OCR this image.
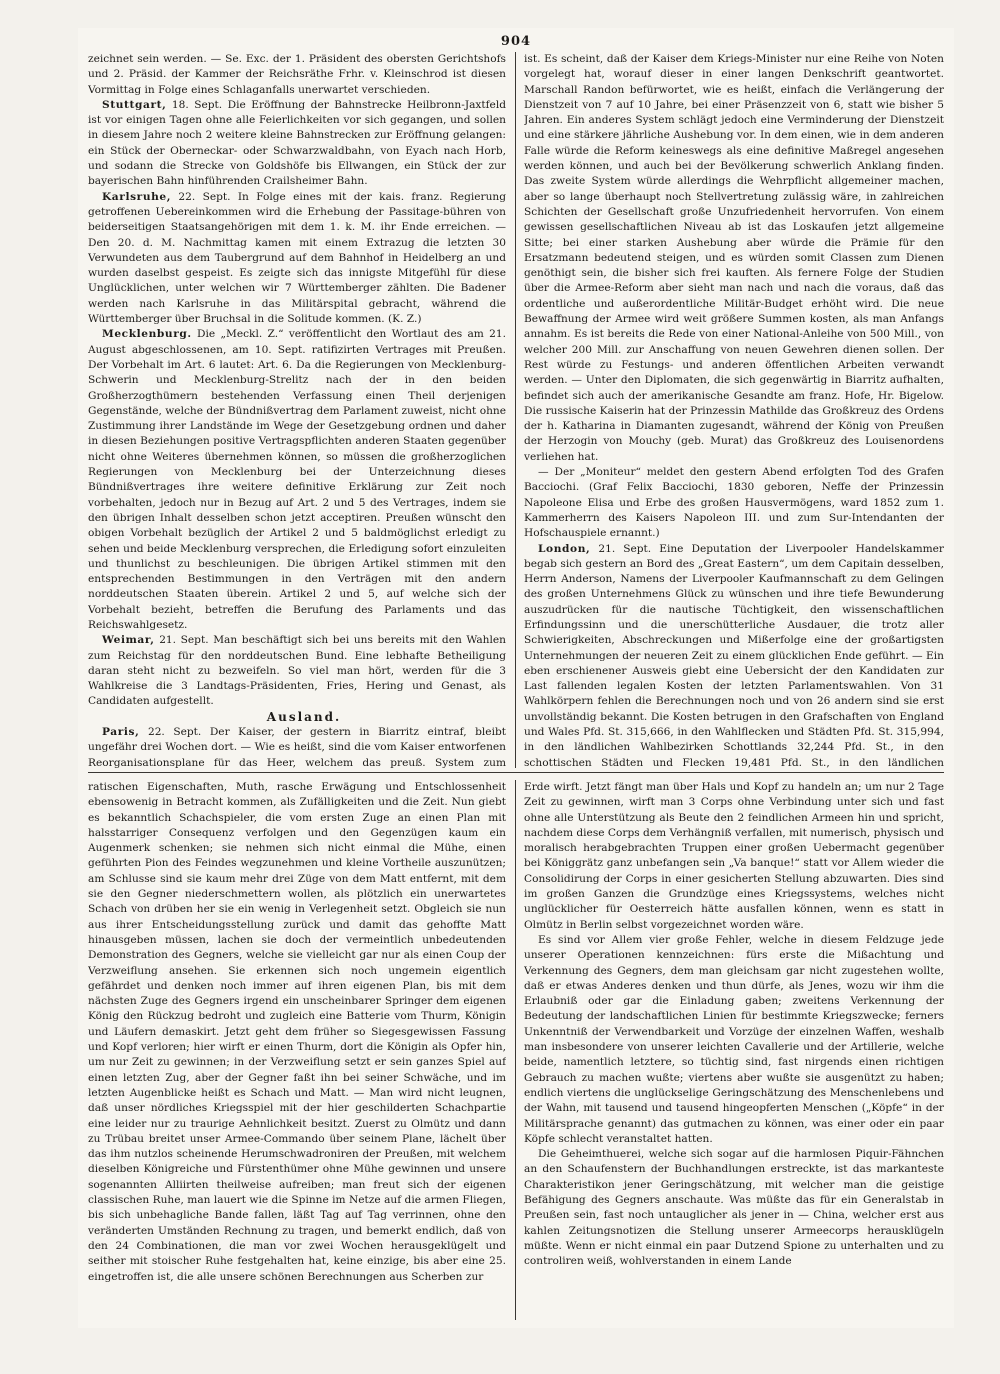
904

zeichnet sein werden. — Se. Exc. der 1. Präsident des obersten Gerichtshofs und 2. Präsid. der Kammer der Reichsräthe Frhr. v. Kleinschrod ist diesen Vormittag in Folge eines Schlaganfalls unerwartet verschieden.

Stuttgart, 18. Sept. Die Eröffnung der Bahnstrecke Heilbronn-Jaxtfeld ist vor einigen Tagen ohne alle Feierlichkeiten vor sich gegangen, und sollen in diesem Jahre noch 2 weitere kleine Bahnstrecken zur Eröffnung gelangen: ein Stück der Oberneckar- oder Schwarzwaldbahn, von Eyach nach Horb, und sodann die Strecke von Goldshöfe bis Ellwangen, ein Stück der zur bayerischen Bahn hinführenden Crailsheimer Bahn.

Karlsruhe, 22. Sept. In Folge eines mit der kais. franz. Regierung getroffenen Uebereinkommen wird die Erhebung der Passitage-bühren von beiderseitigen Staatsangehörigen mit dem 1. k. M. ihr Ende erreichen. — Den 20. d. M. Nachmittag kamen mit einem Extrazug die letzten 30 Verwundeten aus dem Taubergrund auf dem Bahnhof in Heidelberg an und wurden daselbst gespeist. Es zeigte sich das innigste Mitgefühl für diese Unglücklichen, unter welchen wir 7 Württemberger zählten. Die Badener werden nach Karlsruhe in das Militärspital gebracht, während die Württemberger über Bruchsal in die Solitude kommen. (K. Z.)

Mecklenburg. Die „Meckl. Z.“ veröffentlicht den Wortlaut des am 21. August abgeschlossenen, am 10. Sept. ratifizirten Vertrages mit Preußen. Der Vorbehalt im Art. 6 lautet: Art. 6. Da die Regierungen von Mecklenburg-Schwerin und Mecklenburg-Strelitz nach der in den beiden Großherzogthümern bestehenden Verfassung einen Theil derjenigen Gegenstände, welche der Bündnißvertrag dem Parlament zuweist, nicht ohne Zustimmung ihrer Landstände im Wege der Gesetzgebung ordnen und daher in diesen Beziehungen positive Vertragspflichten anderen Staaten gegenüber nicht ohne Weiteres übernehmen können, so müssen die großherzoglichen Regierungen von Mecklenburg bei der Unterzeichnung dieses Bündnißvertrages ihre weitere definitive Erklärung zur Zeit noch vorbehalten, jedoch nur in Bezug auf Art. 2 und 5 des Vertrages, indem sie den übrigen Inhalt desselben schon jetzt acceptiren. Preußen wünscht den obigen Vorbehalt bezüglich der Artikel 2 und 5 baldmöglichst erledigt zu sehen und beide Mecklenburg versprechen, die Erledigung sofort einzuleiten und thunlichst zu beschleunigen. Die übrigen Artikel stimmen mit den entsprechenden Bestimmungen in den Verträgen mit den andern norddeutschen Staaten überein. Artikel 2 und 5, auf welche sich der Vorbehalt bezieht, betreffen die Berufung des Parlaments und das Reichswahlgesetz.

Weimar, 21. Sept. Man beschäftigt sich bei uns bereits mit den Wahlen zum Reichstag für den norddeutschen Bund. Eine lebhafte Betheiligung daran steht nicht zu bezweifeln. So viel man hört, werden für die 3 Wahlkreise die 3 Landtags-Präsidenten, Fries, Hering und Genast, als Candidaten aufgestellt.

Ausland.

Paris, 22. Sept. Der Kaiser, der gestern in Biarritz eintraf, bleibt ungefähr drei Wochen dort. — Wie es heißt, sind die vom Kaiser entworfenen Reorganisationsplane für das Heer, welchem das preuß. System zum

ist. Es scheint, daß der Kaiser dem Kriegs-Minister nur eine Reihe von Noten vorgelegt hat, worauf dieser in einer langen Denkschrift geantwortet. Marschall Randon befürwortet, wie es heißt, einfach die Verlängerung der Dienstzeit von 7 auf 10 Jahre, bei einer Präsenzzeit von 6, statt wie bisher 5 Jahren. Ein anderes System schlägt jedoch eine Verminderung der Dienstzeit und eine stärkere jährliche Aushebung vor. In dem einen, wie in dem anderen Falle würde die Reform keineswegs als eine definitive Maßregel angesehen werden können, und auch bei der Bevölkerung schwerlich Anklang finden. Das zweite System würde allerdings die Wehrpflicht allgemeiner machen, aber so lange überhaupt noch Stellvertretung zulässig wäre, in zahlreichen Schichten der Gesellschaft große Unzufriedenheit hervorrufen. Von einem gewissen gesellschaftlichen Niveau ab ist das Loskaufen jetzt allgemeine Sitte; bei einer starken Aushebung aber würde die Prämie für den Ersatzmann bedeutend steigen, und es würden somit Classen zum Dienen genöthigt sein, die bisher sich frei kauften. Als fernere Folge der Studien über die Armee-Reform aber sieht man nach und nach die voraus, daß das ordentliche und außerordentliche Militär-Budget erhöht wird. Die neue Bewaffnung der Armee wird weit größere Summen kosten, als man Anfangs annahm. Es ist bereits die Rede von einer National-Anleihe von 500 Mill., von welcher 200 Mill. zur Anschaffung von neuen Gewehren dienen sollen. Der Rest würde zu Festungs- und anderen öffentlichen Arbeiten verwandt werden. — Unter den Diplomaten, die sich gegenwärtig in Biarritz aufhalten, befindet sich auch der amerikanische Gesandte am franz. Hofe, Hr. Bigelow. Die russische Kaiserin hat der Prinzessin Mathilde das Großkreuz des Ordens der h. Katharina in Diamanten zugesandt, während der König von Preußen der Herzogin von Mouchy (geb. Murat) das Großkreuz des Louisenordens verliehen hat.

— Der „Moniteur“ meldet den gestern Abend erfolgten Tod des Grafen Bacciochi. (Graf Felix Bacciochi, 1830 geboren, Neffe der Prinzessin Napoleone Elisa und Erbe des großen Hausvermögens, ward 1852 zum 1. Kammerherrn des Kaisers Napoleon III. und zum Sur-Intendanten der Hofschauspiele ernannt.)

London, 21. Sept. Eine Deputation der Liverpooler Handelskammer begab sich gestern an Bord des „Great Eastern“, um dem Capitain desselben, Herrn Anderson, Namens der Liverpooler Kaufmannschaft zu dem Gelingen des großen Unternehmens Glück zu wünschen und ihre tiefe Bewunderung auszudrücken für die nautische Tüchtigkeit, den wissenschaftlichen Erfindungssinn und die unerschütterliche Ausdauer, die trotz aller Schwierigkeiten, Abschreckungen und Mißerfolge eine der großartigsten Unternehmungen der neueren Zeit zu einem glücklichen Ende geführt. — Ein eben erschienener Ausweis giebt eine Uebersicht der den Kandidaten zur Last fallenden legalen Kosten der letzten Parlamentswahlen. Von 31 Wahlkörpern fehlen die Berechnungen noch und von 26 andern sind sie erst unvollständig bekannt. Die Kosten betrugen in den Grafschaften von England und Wales Pfd. St. 315,666, in den Wahlflecken und Städten Pfd. St. 315,994, in den ländlichen Wahlbezirken Schottlands 32,244 Pfd. St., in den schottischen Städten und Flecken 19,481 Pfd. St., in den ländlichen

ratischen Eigenschaften, Muth, rasche Erwägung und Entschlossenheit ebensowenig in Betracht kommen, als Zufälligkeiten und die Zeit. Nun giebt es bekanntlich Schachspieler, die vom ersten Zuge an einen Plan mit halsstarriger Consequenz verfolgen und den Gegenzügen kaum ein Augenmerk schenken; sie nehmen sich nicht einmal die Mühe, einen geführten Pion des Feindes wegzunehmen und kleine Vortheile auszunützen; am Schlusse sind sie kaum mehr drei Züge von dem Matt entfernt, mit dem sie den Gegner niederschmettern wollen, als plötzlich ein unerwartetes Schach von drüben her sie ein wenig in Verlegenheit setzt. Obgleich sie nun aus ihrer Entscheidungsstellung zurück und damit das gehoffte Matt hinausgeben müssen, lachen sie doch der vermeintlich unbedeutenden Demonstration des Gegners, welche sie vielleicht gar nur als einen Coup der Verzweiflung ansehen. Sie erkennen sich noch ungemein eigentlich gefährdet und denken noch immer auf ihren eigenen Plan, bis mit dem nächsten Zuge des Gegners irgend ein unscheinbarer Springer dem eigenen König den Rückzug bedroht und zugleich eine Batterie vom Thurm, Königin und Läufern demaskirt. Jetzt geht dem früher so Siegesgewissen Fassung und Kopf verloren; hier wirft er einen Thurm, dort die Königin als Opfer hin, um nur Zeit zu gewinnen; in der Verzweiflung setzt er sein ganzes Spiel auf einen letzten Zug, aber der Gegner faßt ihn bei seiner Schwäche, und im letzten Augenblicke heißt es Schach und Matt. — Man wird nicht leugnen, daß unser nördliches Kriegsspiel mit der hier geschilderten Schachpartie eine leider nur zu traurige Aehnlichkeit besitzt. Zuerst zu Olmütz und dann zu Trübau breitet unser Armee-Commando über seinem Plane, lächelt über das ihm nutzlos scheinende Herumschwadroniren der Preußen, mit welchem dieselben Königreiche und Fürstenthümer ohne Mühe gewinnen und unsere sogenannten Alliirten theilweise aufreiben; man freut sich der eigenen classischen Ruhe, man lauert wie die Spinne im Netze auf die armen Fliegen, bis sich unbehagliche Bande fallen, läßt Tag auf Tag verrinnen, ohne den veränderten Umständen Rechnung zu tragen, und bemerkt endlich, daß von den 24 Combinationen, die man vor zwei Wochen herausgeklügelt und seither mit stoischer Ruhe festgehalten hat, keine einzige, bis aber eine 25. eingetroffen ist, die alle unsere schönen Berechnungen aus Scherben zur

Erde wirft. Jetzt fängt man über Hals und Kopf zu handeln an; um nur 2 Tage Zeit zu gewinnen, wirft man 3 Corps ohne Verbindung unter sich und fast ohne alle Unterstützung als Beute den 2 feindlichen Armeen hin und spricht, nachdem diese Corps dem Verhängniß verfallen, mit numerisch, physisch und moralisch herabgebrachten Truppen einer großen Uebermacht gegenüber bei Königgrätz ganz unbefangen sein „Va banque!“ statt vor Allem wieder die Consolidirung der Corps in einer gesicherten Stellung abzuwarten. Dies sind im großen Ganzen die Grundzüge eines Kriegssystems, welches nicht unglücklicher für Oesterreich hätte ausfallen können, wenn es statt in Olmütz in Berlin selbst vorgezeichnet worden wäre.

Es sind vor Allem vier große Fehler, welche in diesem Feldzuge jede unserer Operationen kennzeichnen: fürs erste die Mißachtung und Verkennung des Gegners, dem man gleichsam gar nicht zugestehen wollte, daß er etwas Anderes denken und thun dürfe, als Jenes, wozu wir ihm die Erlaubniß oder gar die Einladung gaben; zweitens Verkennung der Bedeutung der landschaftlichen Linien für bestimmte Kriegszwecke; ferners Unkenntniß der Verwendbarkeit und Vorzüge der einzelnen Waffen, weshalb man insbesondere von unserer leichten Cavallerie und der Artillerie, welche beide, namentlich letztere, so tüchtig sind, fast nirgends einen richtigen Gebrauch zu machen wußte; viertens aber wußte sie ausgenützt zu haben; endlich viertens die unglückselige Geringschätzung des Menschenlebens und der Wahn, mit tausend und tausend hingeopferten Menschen („Köpfe“ in der Militärsprache genannt) das gutmachen zu können, was einer oder ein paar Köpfe schlecht veranstaltet hatten.

Die Geheimthuerei, welche sich sogar auf die harmlosen Piquir-Fähnchen an den Schaufenstern der Buchhandlungen erstreckte, ist das markanteste Charakteristikon jener Geringschätzung, mit welcher man die geistige Befähigung des Gegners anschaute. Was müßte das für ein Generalstab in Preußen sein, fast noch untauglicher als jener in — China, welcher erst aus kahlen Zeitungsnotizen die Stellung unserer Armeecorps herausklügeln müßte. Wenn er nicht einmal ein paar Dutzend Spione zu unterhalten und zu controliren weiß, wohlverstanden in einem Lande
